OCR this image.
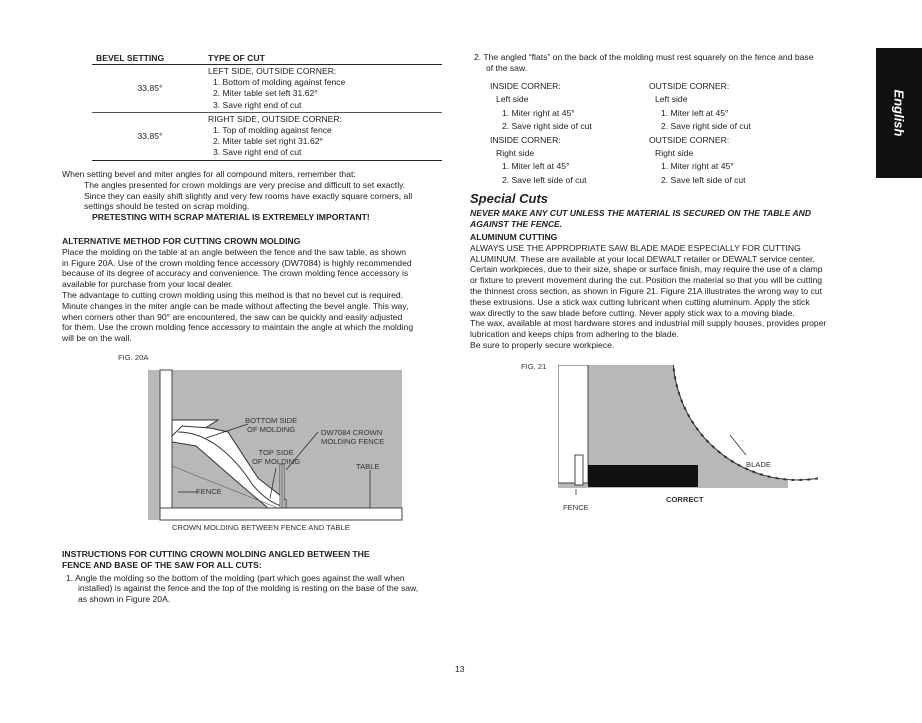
English
BEVEL SETTING	TYPE OF CUT
33.85°	LEFT SIDE, OUTSIDE CORNER:
1. Bottom of molding against fence
2. Miter table set left 31.62°
3. Save right end of cut

33.85°	RIGHT SIDE, OUTSIDE CORNER:
1. Top of molding against fence
2. Miter table set right 31.62°
3. Save right end of cut
When setting bevel and miter angles for all compound miters, remember that:
The angles presented for crown moldings are very precise and difficult to set exactly.
Since they can easily shift slightly and very few rooms have exactly square corners, all
settings should be tested on scrap molding.
PRETESTING WITH SCRAP MATERIAL IS EXTREMELY IMPORTANT!
ALTERNATIVE METHOD FOR CUTTING CROWN MOLDING
Place the molding on the table at an angle between the fence and the saw table, as shown
in Figure 20A. Use of the crown molding fence accessory (DW7084) is highly recommended
because of its degree of accuracy and convenience. The crown molding fence accessory is
available for purchase from your local dealer.
The advantage to cutting crown molding using this method is that no bevel cut is required.
Minute changes in the miter angle can be made without affecting the bevel angle. This way,
when corners other than 90° are encountered, the saw can be quickly and easily adjusted
for them. Use the crown molding fence accessory to maintain the angle at which the molding
will be on the wall.
FIG. 20A
BOTTOM SIDE
OF MOLDING	DW7084 CROWN
MOLDING FENCE
TOP SIDE
OF MOLDING
TABLE
FENCE
CROWN MOLDING BETWEEN FENCE AND TABLE
INSTRUCTIONS FOR CUTTING CROWN MOLDING ANGLED BETWEEN THE
FENCE AND BASE OF THE SAW FOR ALL CUTS:
1. Angle the molding so the bottom of the molding (part which goes against the wall when
installed) is against the fence and the top of the molding is resting on the base of the saw,
as shown in Figure 20A.
2. The angled “flats” on the back of the molding must rest squarely on the fence and base
of the saw.
INSIDE CORNER:
Left side
1. Miter right at 45°
2. Save right side of cut
INSIDE CORNER:
Right side
1. Miter left at 45°
2. Save left side of cut
OUTSIDE CORNER:
Left side
1. Miter left at 45°
2. Save right side of cut
OUTSIDE CORNER:
Right side
1. Miter right at 45°
2. Save left side of cut
Special Cuts
NEVER MAKE ANY CUT UNLESS THE MATERIAL IS SECURED ON THE TABLE AND
AGAINST THE FENCE.
ALUMINUM CUTTING
ALWAYS USE THE APPROPRIATE SAW BLADE MADE ESPECIALLY FOR CUTTING
ALUMINUM. These are available at your local DEWALT retailer or DEWALT service center.
Certain workpieces, due to their size, shape or surface finish, may require the use of a clamp
or fixture to prevent movement during the cut. Position the material so that you will be cutting
the thinnest cross section, as shown in Figure 21. Figure 21A illustrates the wrong way to cut
these extrusions. Use a stick wax cutting lubricant when cutting aluminum. Apply the stick
wax directly to the saw blade before cutting. Never apply stick wax to a moving blade.
The wax, available at most hardware stores and industrial mill supply houses, provides proper
lubrication and keeps chips from adhering to the blade.
Be sure to properly secure workpiece.
FIG. 21
BLADE
FENCE
CORRECT
13
